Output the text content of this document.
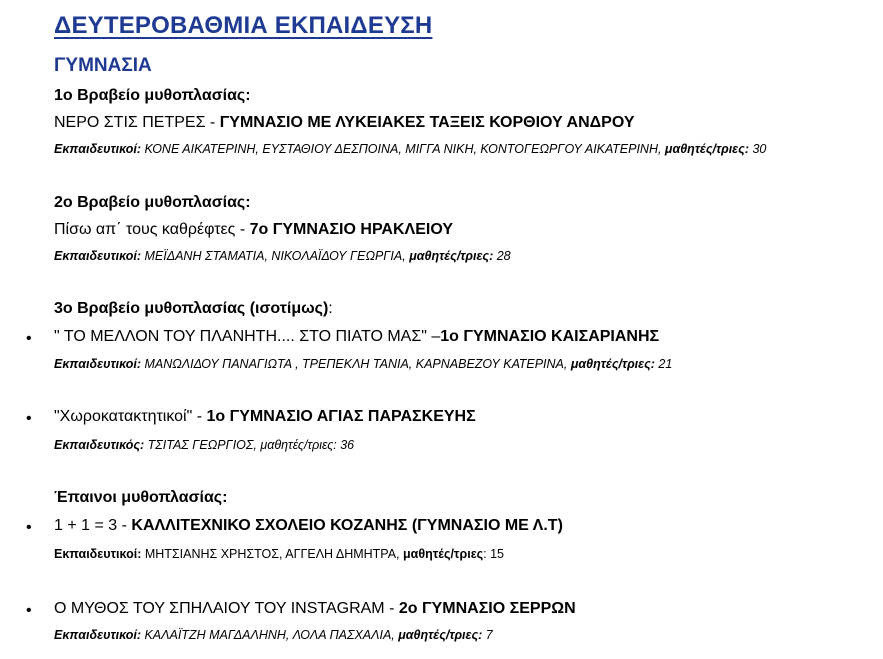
ΔΕΥΤΕΡΟΒΑΘΜΙΑ ΕΚΠΑΙΔΕΥΣΗ
ΓΥΜΝΑΣΙΑ
1ο Βραβείο μυθοπλασίας:
ΝΕΡΟ ΣΤΙΣ ΠΕΤΡΕΣ - ΓΥΜΝΑΣΙΟ ΜΕ ΛΥΚΕΙΑΚΕΣ ΤΑΞΕΙΣ ΚΟΡΘΙΟΥ ΑΝΔΡΟΥ
Εκπαιδευτικοί: ΚΟΝΕ ΑΙΚΑΤΕΡΙΝΗ, ΕΥΣΤΑΘΙΟΥ ΔΕΣΠΟΙΝΑ, ΜΙΓΓΑ ΝΙΚΗ, ΚΟΝΤΟΓΕΩΡΓΟΥ ΑΙΚΑΤΕΡΙΝΗ, μαθητές/τριες: 30
2ο Βραβείο μυθοπλασίας:
Πίσω απ΄ τους καθρέφτες - 7ο ΓΥΜΝΑΣΙΟ ΗΡΑΚΛΕΙΟΥ
Εκπαιδευτικοί: ΜΕΪΔΑΝΗ ΣΤΑΜΑΤΙΑ, ΝΙΚΟΛΑΪΔΟΥ ΓΕΩΡΓΙΑ, μαθητές/τριες: 28
3ο Βραβείο μυθοπλασίας (ισοτίμως):
• " ΤΟ ΜΕΛΛΟΝ ΤΟΥ ΠΛΑΝΗΤΗ.... ΣΤΟ ΠΙΑΤΟ ΜΑΣ" –1ο ΓΥΜΝΑΣΙΟ ΚΑΙΣΑΡΙΑΝΗΣ
Εκπαιδευτικοί: ΜΑΝΩΛΙΔΟΥ ΠΑΝΑΓΙΩΤΑ , ΤΡΕΠΕΚΛΗ ΤΑΝΙΑ, ΚΑΡΝΑΒΕΖΟΥ ΚΑΤΕΡΙΝΑ, μαθητές/τριες: 21
• "Χωροκατακτητικοί" - 1ο ΓΥΜΝΑΣΙΟ ΑΓΙΑΣ ΠΑΡΑΣΚΕΥΗΣ
Εκπαιδευτικός: ΤΣΙΤΑΣ ΓΕΩΡΓΙΟΣ, μαθητές/τριες: 36
Έπαινοι μυθοπλασίας:
• 1 + 1 = 3 - ΚΑΛΛΙΤΕΧΝΙΚΟ ΣΧΟΛΕΙΟ ΚΟΖΑΝΗΣ (ΓΥΜΝΑΣΙΟ ΜΕ Λ.Τ)
Εκπαιδευτικοί: ΜΗΤΣΙΑΝΗΣ ΧΡΗΣΤΟΣ, ΑΓΓΕΛΗ ΔΗΜΗΤΡΑ, μαθητές/τριες: 15
• Ο ΜΥΘΟΣ ΤΟΥ ΣΠΗΛΑΙΟΥ ΤΟΥ INSTAGRAM - 2ο ΓΥΜΝΑΣΙΟ ΣΕΡΡΩΝ
Εκπαιδευτικοί: ΚΑΛΑΪΤΖΗ ΜΑΓΔΑΛΗΝΗ, ΛΟΛΑ ΠΑΣΧΑΛΙΑ, μαθητές/τριες: 7
